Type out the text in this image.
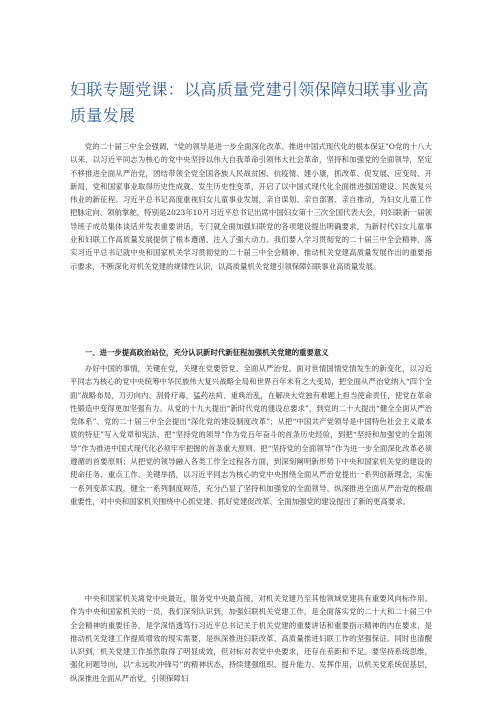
妇联专题党课：以高质量党建引领保障妇联事业高质量发展

党的二十届三中全会强调，“党的领导是进一步全面深化改革、推进中国式现代化的根本保证”O党的十八大以来，以习近平同志为核心的党中央坚持以伟大自我革命引领伟大社会革命，坚持和加强党的全面领导，坚定不移推进全面从严治党，团结带领全党全国各族人民战贫困、抗疫情、建小康，抓改革、促发展、应变局、开新局，党和国家事业取得历史性成就、发生历史性变革，开启了以中国式现代化全面推进强国建设、民族复兴伟业的新征程。习近平总书记高度重视妇女儿童事业发展，亲自谋划、亲自部署、亲自推动，为妇女儿童工作把脉定向、领航掌舵，特别是2023年10月习近平总书记出席中国妇女第十三次全国代表大会，同妇联新一届领导班子成员集体谈话并发表重要讲话，专门就全面加强妇联党的各项建设提出明确要求，为新时代妇女儿童事业和妇联工作高质量发展提供了根本遵循、注入了强大动力。我们要入学习贯彻党的二十届三中全会精神，落实习近平总书记就中央和国家机关学习贯彻党的二十届三中全会精神、推动机关党建高质量发展作出的重要指示要求，不断深化对机关党建的规律性认识，以高质量机关党建引领保障妇联事业高质量发展。

一、进一步提高政治站位，充分认识新时代新征程加强机关党建的重要意义

办好中国的事情，关键在党，关键在党要管党、全面从严治党。面对世情国情党情发生的新变化，以习近平同志为核心的党中央统筹中华民族伟大复兴战略全局和世界百年未有之大变局，把全面从严治党纳入“四个全面”战略布局，刀刃向内、刮骨疗毒，猛药祛疴、重典治乱，在解决大党独有难题上担当使命责任，使党在革命性锻造中变得更加坚强有力。从党的十九大提出“新时代党的建设总要求”，到党的二十大提出“健全全面从严治党体系”、党的二十届三中全会提出“深化党的建设制度改革”；从把“中国共产党领导是中国特色社会主义最本质的特征”写入党章和宪法、把“坚持党的领导”作为党百年奋斗的首条历史经验，到把“坚持和加强党的全面领导”作为推进中国式现代化必须牢牢把握的首条重大原则、把“坚持党的全面领导”作为进一步全面深化改革必须遵循的首要原则；从把党的领导融入各类工作全过程各方面，到深刻阐明新形势下中央和国家机关党的建设的使命任务、重点工作、关键举措，以习近平同志为核心的党中央围绕全面从严治党提出一系列创新理念，实施一系列变革实践，健全一系列制度规范，充分凸显了坚持和加强党的全面领导、纵深推进全面从严治党的极端重要性，对中央和国家机关围绕中心抓党建、抓好党建促改革、全面加强党的建设提出了新的更高要求。

中央和国家机关离党中央最近，服务党中央最直接，对机关党建乃至其他领域党建具有重要风向标作用。作为中央和国家机关的一员，我们深刻认识到，加强妇联机关党建工作，是全面落实党的二十大和二十届三中全会精神的重要任务，是学深悟透笃行习近平总书记关于机关党建的重要讲话和重要指示精神的内在要求，是推动机关党建工作提质增效的现实需要，是纵深推进妇联改革、高质量推进妇联工作的坚强保证。同时也清醒认识到，机关党建工作虽然取得了明显成效，但对标对表党中央要求，还存在差距和不足。要坚持系统思维，强化问题导向，以“永远吹冲锋号”的精神状态，持续建强组织、提升能力、发挥作用，以机关党系统促基层，纵深推进全面从严治党，引领保障妇
